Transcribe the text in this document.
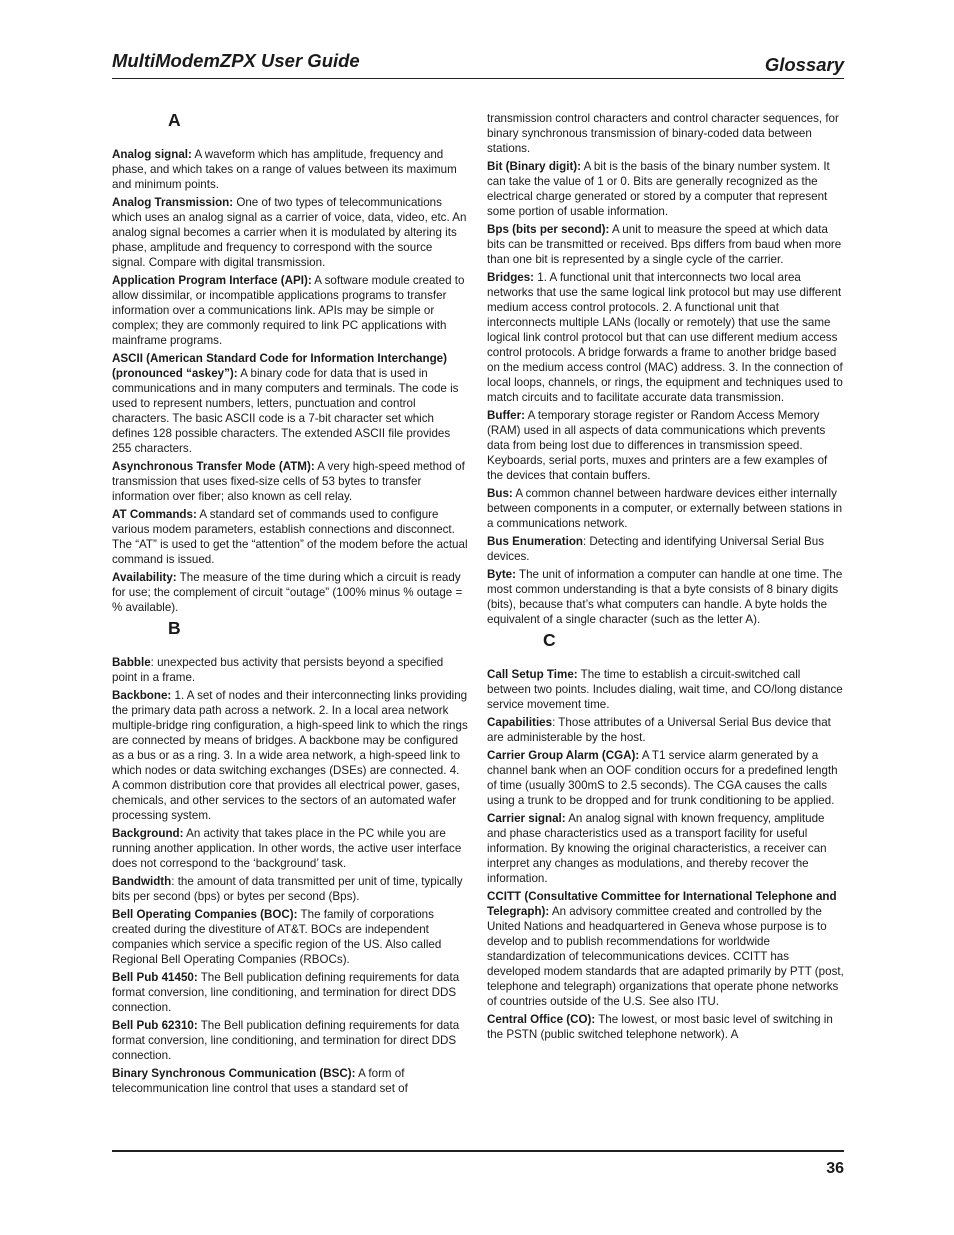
MultiModemZPX User Guide	Glossary
A
Analog signal: A waveform which has amplitude, frequency and phase, and which takes on a range of values between its maximum and minimum points.
Analog Transmission: One of two types of telecommunications which uses an analog signal as a carrier of voice, data, video, etc. An analog signal becomes a carrier when it is modulated by altering its phase, amplitude and frequency to correspond with the source signal. Compare with digital transmission.
Application Program Interface (API): A software module created to allow dissimilar, or incompatible applications programs to transfer information over a communications link. APIs may be simple or complex; they are commonly required to link PC applications with mainframe programs.
ASCII (American Standard Code for Information Interchange) (pronounced “askey”): A binary code for data that is used in communications and in many computers and terminals. The code is used to represent numbers, letters, punctuation and control characters. The basic ASCII code is a 7-bit character set which defines 128 possible characters. The extended ASCII file provides 255 characters.
Asynchronous Transfer Mode (ATM): A very high-speed method of transmission that uses fixed-size cells of 53 bytes to transfer information over fiber; also known as cell relay.
AT Commands: A standard set of commands used to configure various modem parameters, establish connections and disconnect. The “AT” is used to get the “attention” of the modem before the actual command is issued.
Availability: The measure of the time during which a circuit is ready for use; the complement of circuit “outage” (100% minus % outage = % available).
B
Babble: unexpected bus activity that persists beyond a specified point in a frame.
Backbone: 1. A set of nodes and their interconnecting links providing the primary data path across a network. 2. In a local area network multiple-bridge ring configuration, a high-speed link to which the rings are connected by means of bridges. A backbone may be configured as a bus or as a ring. 3. In a wide area network, a high-speed link to which nodes or data switching exchanges (DSEs) are connected. 4. A common distribution core that provides all electrical power, gases, chemicals, and other services to the sectors of an automated wafer processing system.
Background: An activity that takes place in the PC while you are running another application. In other words, the active user interface does not correspond to the ‘background’ task.
Bandwidth: the amount of data transmitted per unit of time, typically bits per second (bps) or bytes per second (Bps).
Bell Operating Companies (BOC): The family of corporations created during the divestiture of AT&T. BOCs are independent companies which service a specific region of the US. Also called Regional Bell Operating Companies (RBOCs).
Bell Pub 41450: The Bell publication defining requirements for data format conversion, line conditioning, and termination for direct DDS connection.
Bell Pub 62310: The Bell publication defining requirements for data format conversion, line conditioning, and termination for direct DDS connection.
Binary Synchronous Communication (BSC): A form of telecommunication line control that uses a standard set of
transmission control characters and control character sequences, for binary synchronous transmission of binary-coded data between stations.
Bit (Binary digit): A bit is the basis of the binary number system. It can take the value of 1 or 0. Bits are generally recognized as the electrical charge generated or stored by a computer that represent some portion of usable information.
Bps (bits per second): A unit to measure the speed at which data bits can be transmitted or received. Bps differs from baud when more than one bit is represented by a single cycle of the carrier.
Bridges: 1. A functional unit that interconnects two local area networks that use the same logical link protocol but may use different medium access control protocols. 2. A functional unit that interconnects multiple LANs (locally or remotely) that use the same logical link control protocol but that can use different medium access control protocols. A bridge forwards a frame to another bridge based on the medium access control (MAC) address. 3. In the connection of local loops, channels, or rings, the equipment and techniques used to match circuits and to facilitate accurate data transmission.
Buffer: A temporary storage register or Random Access Memory (RAM) used in all aspects of data communications which prevents data from being lost due to differences in transmission speed. Keyboards, serial ports, muxes and printers are a few examples of the devices that contain buffers.
Bus: A common channel between hardware devices either internally between components in a computer, or externally between stations in a communications network.
Bus Enumeration: Detecting and identifying Universal Serial Bus devices.
Byte: The unit of information a computer can handle at one time. The most common understanding is that a byte consists of 8 binary digits (bits), because that’s what computers can handle. A byte holds the equivalent of a single character (such as the letter A).
C
Call Setup Time: The time to establish a circuit-switched call between two points. Includes dialing, wait time, and CO/long distance service movement time.
Capabilities: Those attributes of a Universal Serial Bus device that are administerable by the host.
Carrier Group Alarm (CGA): A T1 service alarm generated by a channel bank when an OOF condition occurs for a predefined length of time (usually 300mS to 2.5 seconds). The CGA causes the calls using a trunk to be dropped and for trunk conditioning to be applied.
Carrier signal: An analog signal with known frequency, amplitude and phase characteristics used as a transport facility for useful information. By knowing the original characteristics, a receiver can interpret any changes as modulations, and thereby recover the information.
CCITT (Consultative Committee for International Telephone and Telegraph): An advisory committee created and controlled by the United Nations and headquartered in Geneva whose purpose is to develop and to publish recommendations for worldwide standardization of telecommunications devices. CCITT has developed modem standards that are adapted primarily by PTT (post, telephone and telegraph) organizations that operate phone networks of countries outside of the U.S. See also ITU.
Central Office (CO): The lowest, or most basic level of switching in the PSTN (public switched telephone network). A
36
